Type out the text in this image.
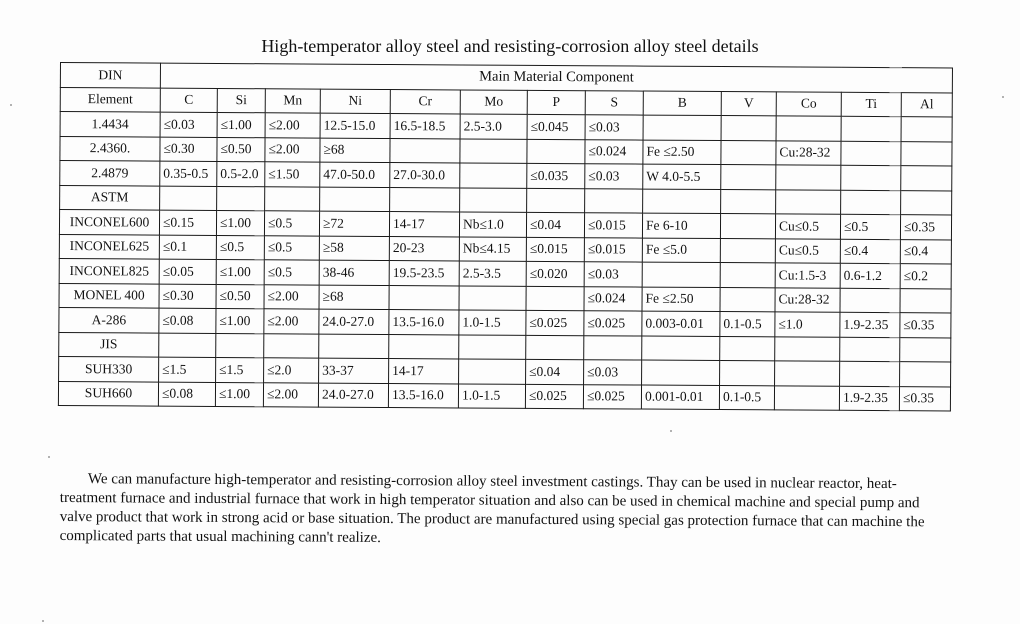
High-temperator alloy steel and resisting-corrosion alloy steel details
DIN	Main Material Component												
Element	C	Si	Mn	Ni	Cr	Mo	P	S	B	V	Co	Ti	Al
1.4434	≤0.03	≤1.00	≤2.00	12.5-15.0	16.5-18.5	2.5-3.0	≤0.045	≤0.03					
2.4360.	≤0.30	≤0.50	≤2.00	≥68				≤0.024	Fe ≤2.50		Cu:28-32		
2.4879	0.35-0.5	0.5-2.0	≤1.50	47.0-50.0	27.0-30.0		≤0.035	≤0.03	W 4.0-5.5				
ASTM													
INCONEL600	≤0.15	≤1.00	≤0.5	≥72	14-17	Nb≤1.0	≤0.04	≤0.015	Fe 6-10		Cu≤0.5	≤0.5	≤0.35
INCONEL625	≤0.1	≤0.5	≤0.5	≥58	20-23	Nb≤4.15	≤0.015	≤0.015	Fe ≤5.0		Cu≤0.5	≤0.4	≤0.4
INCONEL825	≤0.05	≤1.00	≤0.5	38-46	19.5-23.5	2.5-3.5	≤0.020	≤0.03			Cu:1.5-3	0.6-1.2	≤0.2
MONEL 400	≤0.30	≤0.50	≤2.00	≥68				≤0.024	Fe ≤2.50		Cu:28-32		
A-286	≤0.08	≤1.00	≤2.00	24.0-27.0	13.5-16.0	1.0-1.5	≤0.025	≤0.025	0.003-0.01	0.1-0.5	≤1.0	1.9-2.35	≤0.35
JIS													
SUH330	≤1.5	≤1.5	≤2.0	33-37	14-17		≤0.04	≤0.03					
SUH660	≤0.08	≤1.00	≤2.00	24.0-27.0	13.5-16.0	1.0-1.5	≤0.025	≤0.025	0.001-0.01	0.1-0.5		1.9-2.35	≤0.35
We can manufacture high-temperator and resisting-corrosion alloy steel investment castings. Thay can be used in nuclear reactor, heat-treatment furnace and industrial furnace that work in high temperator situation and also can be used in chemical machine and special pump and valve product that work in strong acid or base situation. The product are manufactured using special gas protection furnace that can machine the complicated parts that usual machining cann't realize.
